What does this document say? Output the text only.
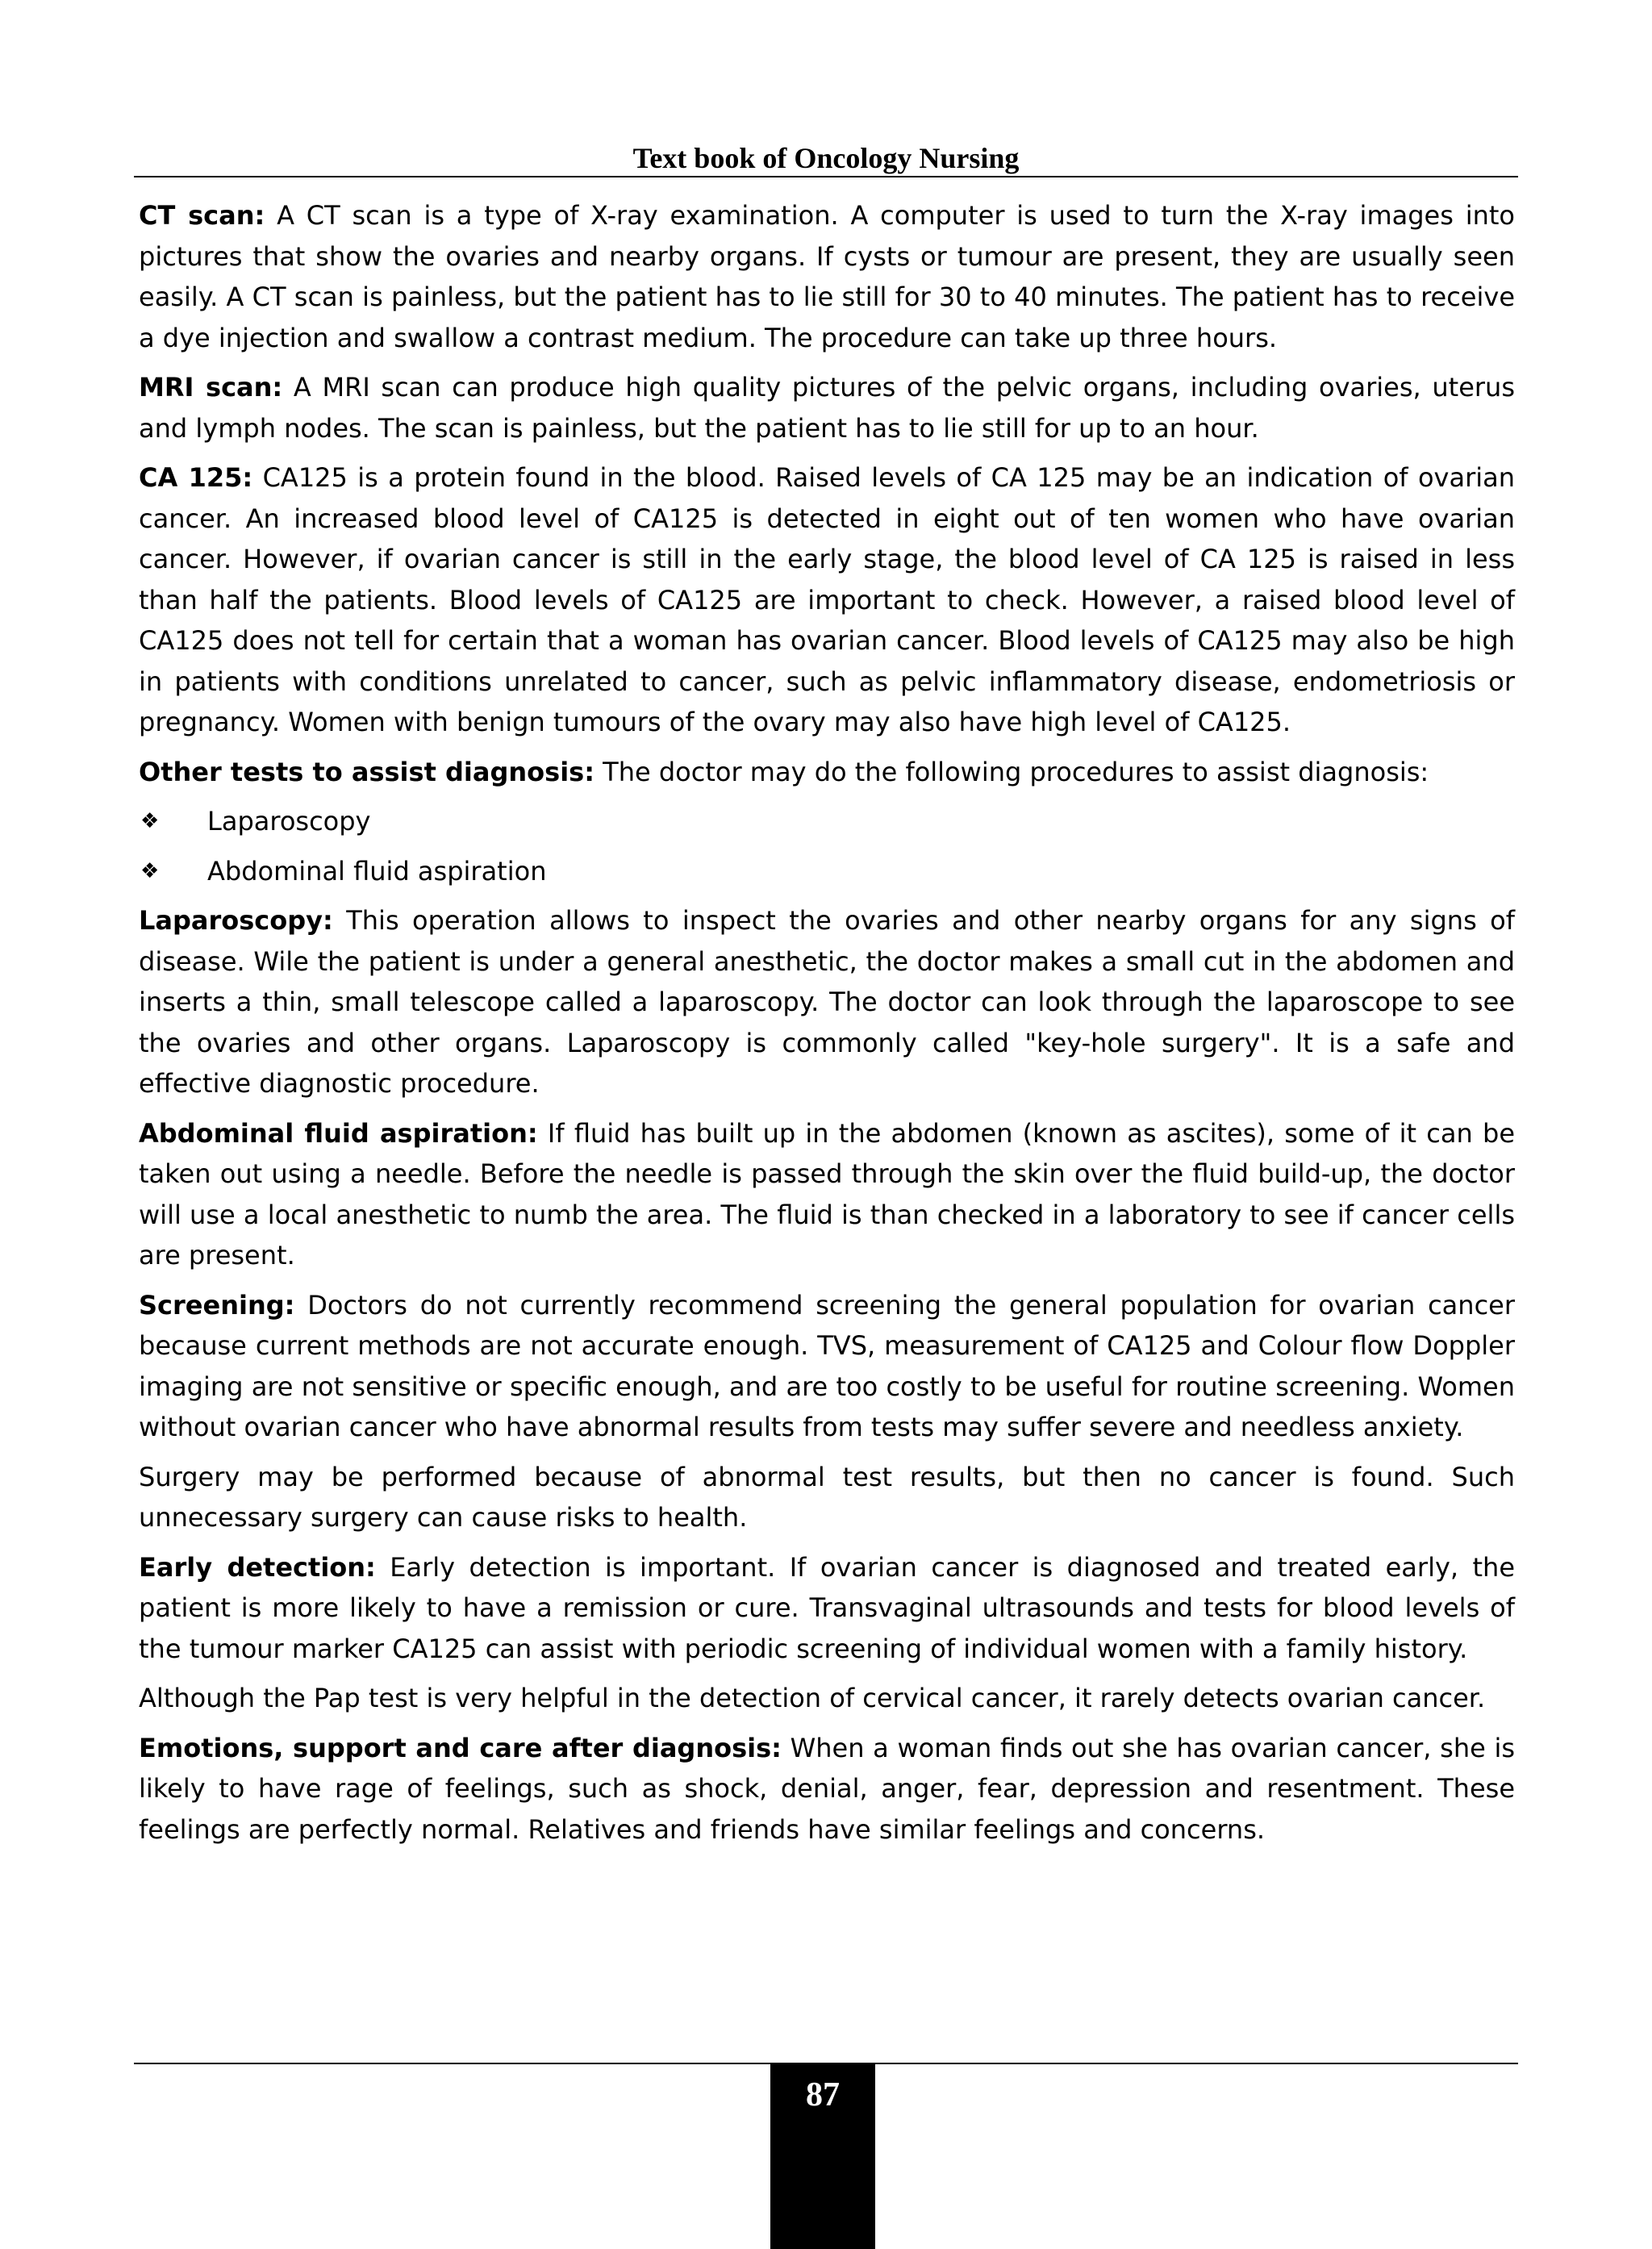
Text book of Oncology Nursing

CT scan: A CT scan is a type of X-ray examination. A computer is used to turn the X-ray images into pictures that show the ovaries and nearby organs. If cysts or tumour are present, they are usually seen easily. A CT scan is painless, but the patient has to lie still for 30 to 40 minutes. The patient has to receive a dye injection and swallow a contrast medium. The procedure can take up three hours.

MRI scan: A MRI scan can produce high quality pictures of the pelvic organs, including ovaries, uterus and lymph nodes. The scan is painless, but the patient has to lie still for up to an hour.

CA 125: CA125 is a protein found in the blood. Raised levels of CA 125 may be an indication of ovarian cancer. An increased blood level of CA125 is detected in eight out of ten women who have ovarian cancer. However, if ovarian cancer is still in the early stage, the blood level of CA 125 is raised in less than half the patients. Blood levels of CA125 are important to check. However, a raised blood level of CA125 does not tell for certain that a woman has ovarian cancer. Blood levels of CA125 may also be high in patients with conditions unrelated to cancer, such as pelvic inflammatory disease, endometriosis or pregnancy. Women with benign tumours of the ovary may also have high level of CA125.

Other tests to assist diagnosis: The doctor may do the following procedures to assist diagnosis:

❖ Laparoscopy
❖ Abdominal fluid aspiration

Laparoscopy: This operation allows to inspect the ovaries and other nearby organs for any signs of disease. Wile the patient is under a general anesthetic, the doctor makes a small cut in the abdomen and inserts a thin, small telescope called a laparoscopy. The doctor can look through the laparoscope to see the ovaries and other organs. Laparoscopy is commonly called "key-hole surgery". It is a safe and effective diagnostic procedure.

Abdominal fluid aspiration: If fluid has built up in the abdomen (known as ascites), some of it can be taken out using a needle. Before the needle is passed through the skin over the fluid build-up, the doctor will use a local anesthetic to numb the area. The fluid is than checked in a laboratory to see if cancer cells are present.

Screening: Doctors do not currently recommend screening the general population for ovarian cancer because current methods are not accurate enough. TVS, measurement of CA125 and Colour flow Doppler imaging are not sensitive or specific enough, and are too costly to be useful for routine screening. Women without ovarian cancer who have abnormal results from tests may suffer severe and needless anxiety.

Surgery may be performed because of abnormal test results, but then no cancer is found. Such unnecessary surgery can cause risks to health.

Early detection: Early detection is important. If ovarian cancer is diagnosed and treated early, the patient is more likely to have a remission or cure. Transvaginal ultrasounds and tests for blood levels of the tumour marker CA125 can assist with periodic screening of individual women with a family history.

Although the Pap test is very helpful in the detection of cervical cancer, it rarely detects ovarian cancer.

Emotions, support and care after diagnosis: When a woman finds out she has ovarian cancer, she is likely to have rage of feelings, such as shock, denial, anger, fear, depression and resentment. These feelings are perfectly normal. Relatives and friends have similar feelings and concerns.

87
